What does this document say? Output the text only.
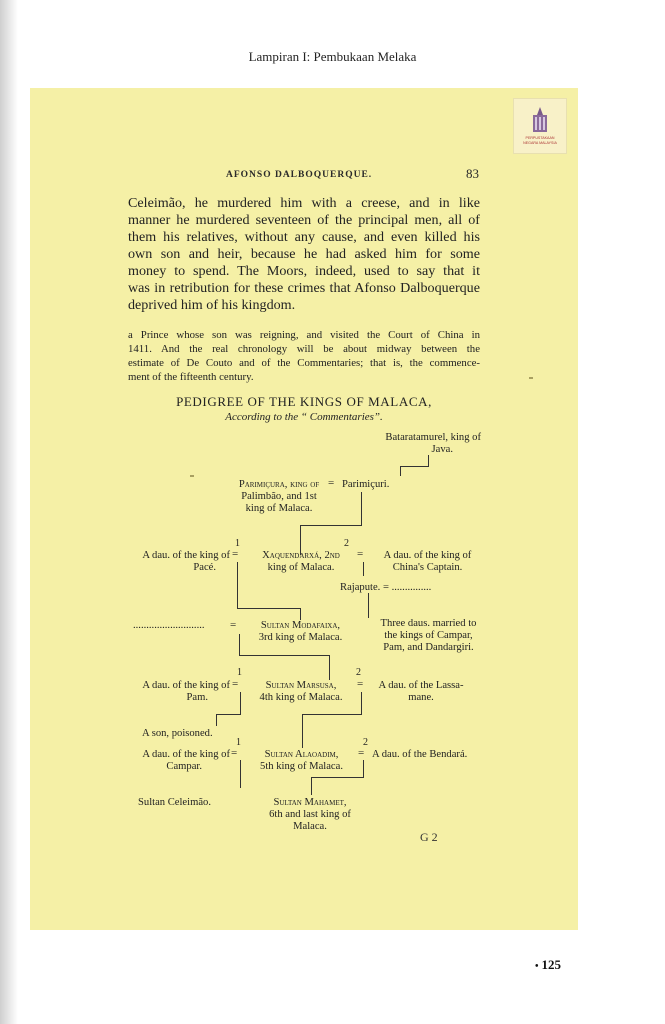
Lampiran I: Pembukaan Melaka
PERPUSTAKAAN
NEGARA MALAYSIA
AFONSO DALBOQUERQUE.	83
Celeimão, he murdered him with a creese, and in like
manner he murdered seventeen of the principal men, all of
them his relatives, without any cause, and even killed his
own son and heir, because he had asked him for some
money to spend. The Moors, indeed, used to say that it
was in retribution for these crimes that Afonso Dalboquerque
deprived him of his kingdom.
a Prince whose son was reigning, and visited the Court of China in
1411. And the real chronology will be about midway between the
estimate of De Couto and of the Commentaries; that is, the commence-
ment of the fifteenth century.
PEDIGREE OF THE KINGS OF MALACA,
According to the “ Commentaries”.
Bataratamurel, king of
Java.
Parimiçura, king of
Palimbão, and 1st
king of Malaca.
= Parimiçuri.
1	2
A dau. of the king of
Pacé.
=	Xaquendarxá, 2nd
king of Malaca.
=	A dau. of the king of
China's Captain.
Rajapute. = ...............
........................... =	Sultan Modafaixa,
3rd king of Malaca.
Three daus. married to
the kings of Campar,
Pam, and Dandargiri.
1	2
A dau. of the king of
Pam.
=	Sultan Marsusa,
4th king of Malaca.
=	A dau. of the Lassa-
mane.
A son, poisoned.
1	2
A dau. of the king of
Campar.
=	Sultan Alaoadim,
5th king of Malaca.
= A dau. of the Bendará.
Sultan Celeimão.	Sultan Mahamet,
6th and last king of
Malaca.
G 2
• 125
